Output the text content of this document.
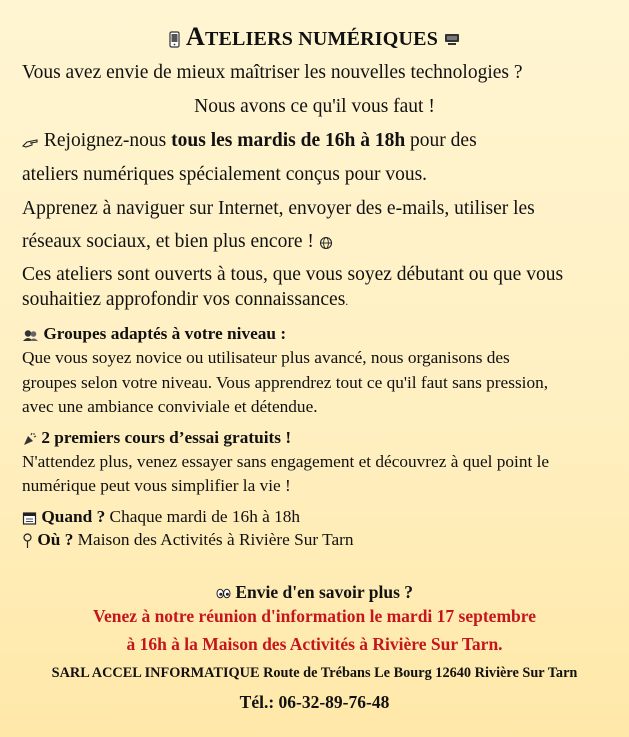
ATELIERS NUMÉRIQUES
Vous avez envie de mieux maîtriser les nouvelles technologies ?
Nous avons ce qu'il vous faut !
Rejoignez-nous tous les mardis de 16h à 18h pour des
ateliers numériques spécialement conçus pour vous.
Apprenez à naviguer sur Internet, envoyer des e-mails, utiliser les
réseaux sociaux, et bien plus encore !
Ces ateliers sont ouverts à tous, que vous soyez débutant ou que vous
souhaitiez approfondir vos connaissances.
Groupes adaptés à votre niveau :
Que vous soyez novice ou utilisateur plus avancé, nous organisons des
groupes selon votre niveau. Vous apprendrez tout ce qu'il faut sans pression,
avec une ambiance conviviale et détendue.
2 premiers cours d’essai gratuits !
N'attendez plus, venez essayer sans engagement et découvrez à quel point le
numérique peut vous simplifier la vie !
Quand ? Chaque mardi de 16h à 18h
Où ? Maison des Activités à Rivière Sur Tarn
Envie d'en savoir plus ?
Venez à notre réunion d'information le mardi 17 septembre
à 16h à la Maison des Activités à Rivière Sur Tarn.
SARL ACCEL INFORMATIQUE Route de Trébans Le Bourg 12640 Rivière Sur Tarn
Tél.: 06-32-89-76-48
